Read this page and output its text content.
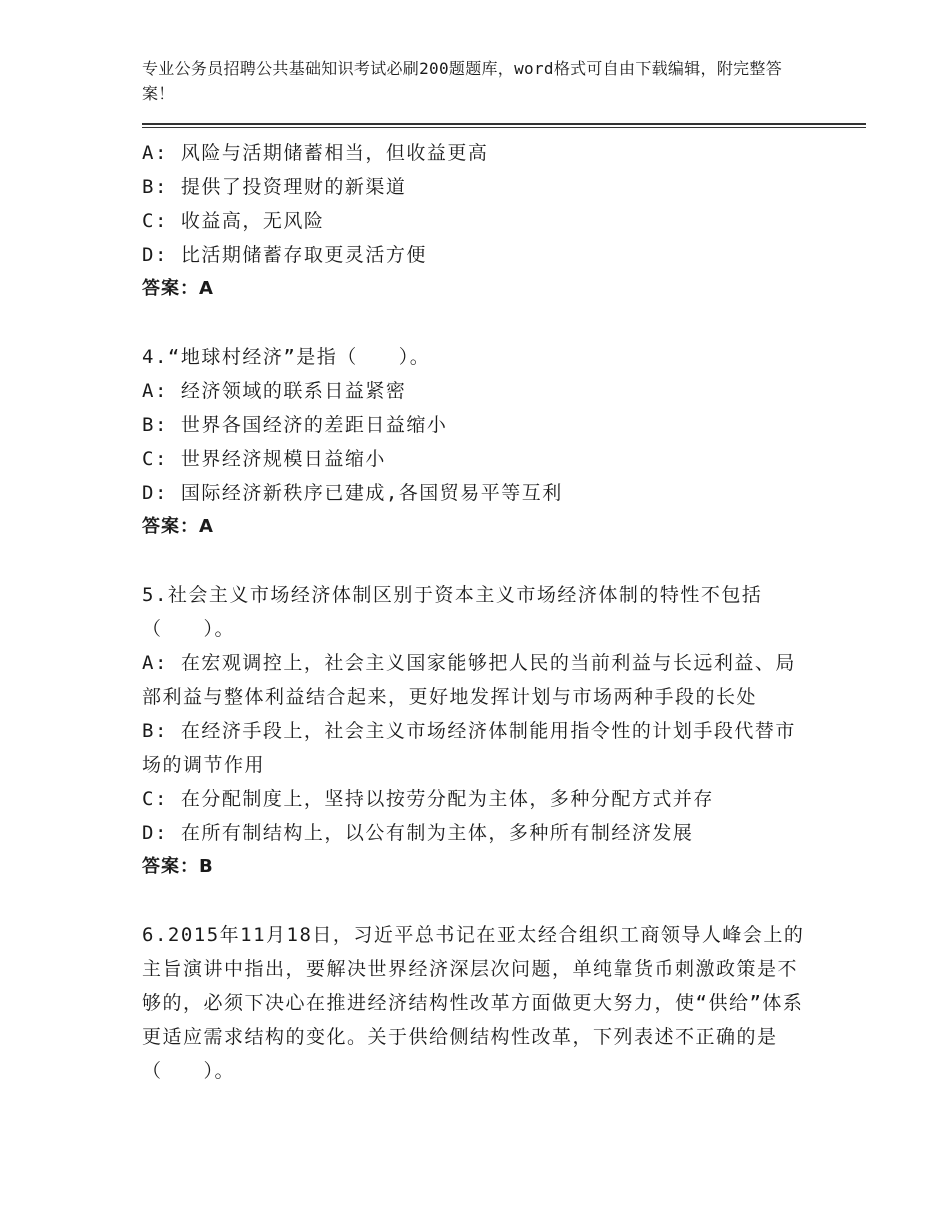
专业公务员招聘公共基础知识考试必刷200题题库，word格式可自由下载编辑，附完整答案！
A: 风险与活期储蓄相当，但收益更高
B: 提供了投资理财的新渠道
C: 收益高，无风险
D: 比活期储蓄存取更灵活方便
答案：A
4.“地球村经济”是指（　　）。
A: 经济领域的联系日益紧密
B: 世界各国经济的差距日益缩小
C: 世界经济规模日益缩小
D: 国际经济新秩序已建成,各国贸易平等互利
答案：A
5.社会主义市场经济体制区别于资本主义市场经济体制的特性不包括（　　）。
A: 在宏观调控上，社会主义国家能够把人民的当前利益与长远利益、局部利益与整体利益结合起来，更好地发挥计划与市场两种手段的长处
B: 在经济手段上，社会主义市场经济体制能用指令性的计划手段代替市场的调节作用
C: 在分配制度上，坚持以按劳分配为主体，多种分配方式并存
D: 在所有制结构上，以公有制为主体，多种所有制经济发展
答案：B
6.2015年11月18日，习近平总书记在亚太经合组织工商领导人峰会上的主旨演讲中指出，要解决世界经济深层次问题，单纯靠货币刺激政策是不够的，必须下决心在推进经济结构性改革方面做更大努力，使“供给”体系更适应需求结构的变化。关于供给侧结构性改革，下列表述不正确的是（　　）。
